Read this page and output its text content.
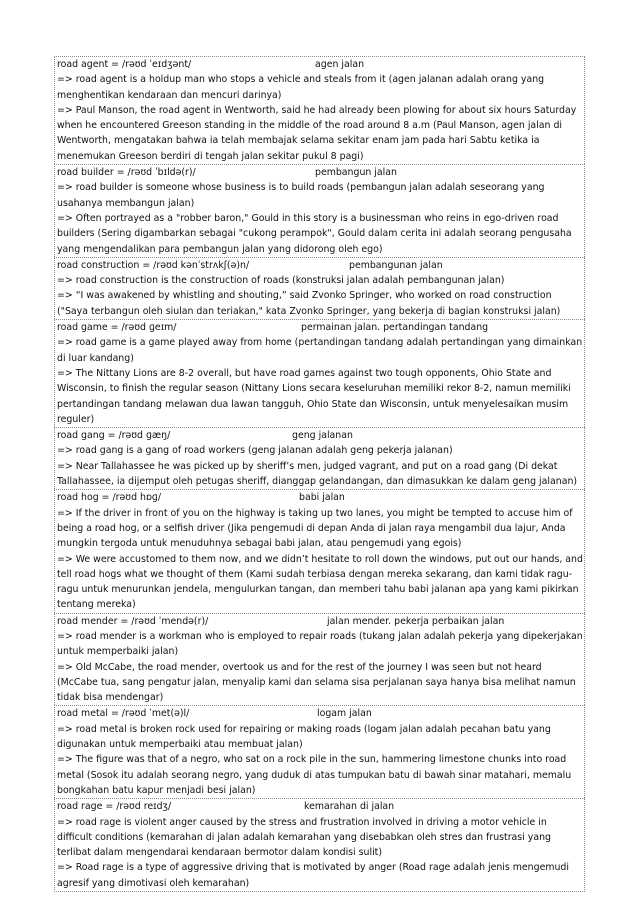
road agent = /rəʊd ˈeɪdʒənt/	agen jalan

=> road agent is a holdup man who stops a vehicle and steals from it (agen jalanan adalah orang yang menghentikan kendaraan dan mencuri darinya)

=> Paul Manson, the road agent in Wentworth, said he had already been plowing for about six hours Saturday when he encountered Greeson standing in the middle of the road around 8 a.m (Paul Manson, agen jalan di Wentworth, mengatakan bahwa ia telah membajak selama sekitar enam jam pada hari Sabtu ketika ia menemukan Greeson berdiri di tengah jalan sekitar pukul 8 pagi)

road builder = /rəʊd ˈbɪldə(r)/	pembangun jalan

=> road builder is someone whose business is to build roads (pembangun jalan adalah seseorang yang usahanya membangun jalan)

=> Often portrayed as a "robber baron," Gould in this story is a businessman who reins in ego-driven road builders (Sering digambarkan sebagai "cukong perampok", Gould dalam cerita ini adalah seorang pengusaha yang mengendalikan para pembangun jalan yang didorong oleh ego)

road construction = /rəʊd kənˈstrʌkʃ(ə)n/	pembangunan jalan

=> road construction is the construction of roads (konstruksi jalan adalah pembangunan jalan)

=> “I was awakened by whistling and shouting,” said Zvonko Springer, who worked on road construction ("Saya terbangun oleh siulan dan teriakan," kata Zvonko Springer, yang bekerja di bagian konstruksi jalan)

road game = /rəʊd ɡeɪm/	permainan jalan. pertandingan tandang

=> road game is a game played away from home (pertandingan tandang adalah pertandingan yang dimainkan di luar kandang)

=> The Nittany Lions are 8-2 overall, but have road games against two tough opponents, Ohio State and Wisconsin, to finish the regular season (Nittany Lions secara keseluruhan memiliki rekor 8-2, namun memiliki pertandingan tandang melawan dua lawan tangguh, Ohio State dan Wisconsin, untuk menyelesaikan musim reguler)

road gang = /rəʊd ɡæŋ/	geng jalanan

=> road gang is a gang of road workers (geng jalanan adalah geng pekerja jalanan)

=> Near Tallahassee he was picked up by sheriff’s men, judged vagrant, and put on a road gang (Di dekat Tallahassee, ia dijemput oleh petugas sheriff, dianggap gelandangan, dan dimasukkan ke dalam geng jalanan)

road hog = /rəʊd hɒɡ/	babi jalan

=> If the driver in front of you on the highway is taking up two lanes, you might be tempted to accuse him of being a road hog, or a selfish driver (Jika pengemudi di depan Anda di jalan raya mengambil dua lajur, Anda mungkin tergoda untuk menuduhnya sebagai babi jalan, atau pengemudi yang egois)

=> We were accustomed to them now, and we didn’t hesitate to roll down the windows, put out our hands, and tell road hogs what we thought of them (Kami sudah terbiasa dengan mereka sekarang, dan kami tidak ragu-ragu untuk menurunkan jendela, mengulurkan tangan, dan memberi tahu babi jalanan apa yang kami pikirkan tentang mereka)

road mender = /rəʊd ˈmendə(r)/	jalan mender. pekerja perbaikan jalan

=> road mender is a workman who is employed to repair roads (tukang jalan adalah pekerja yang dipekerjakan untuk memperbaiki jalan)

=> Old McCabe, the road mender, overtook us and for the rest of the journey I was seen but not heard (McCabe tua, sang pengatur jalan, menyalip kami dan selama sisa perjalanan saya hanya bisa melihat namun tidak bisa mendengar)

road metal = /rəʊd ˈmet(ə)l/	logam jalan

=> road metal is broken rock used for repairing or making roads (logam jalan adalah pecahan batu yang digunakan untuk memperbaiki atau membuat jalan)

=> The figure was that of a negro, who sat on a rock pile in the sun, hammering limestone chunks into road metal (Sosok itu adalah seorang negro, yang duduk di atas tumpukan batu di bawah sinar matahari, memalu bongkahan batu kapur menjadi besi jalan)

road rage = /rəʊd reɪdʒ/	kemarahan di jalan

=> road rage is violent anger caused by the stress and frustration involved in driving a motor vehicle in difficult conditions (kemarahan di jalan adalah kemarahan yang disebabkan oleh stres dan frustrasi yang terlibat dalam mengendarai kendaraan bermotor dalam kondisi sulit)

=> Road rage is a type of aggressive driving that is motivated by anger (Road rage adalah jenis mengemudi agresif yang dimotivasi oleh kemarahan)
